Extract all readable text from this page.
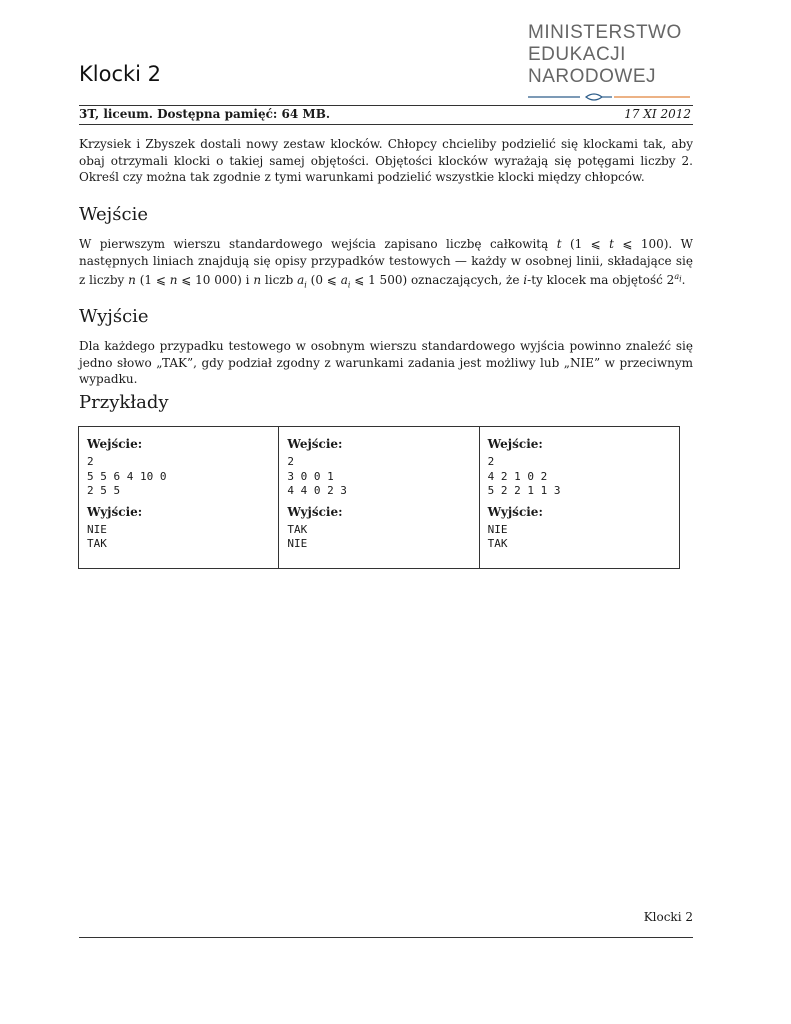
Klocki 2
MINISTERSTWO
EDUKACJI
NARODOWEJ
3T, liceum. Dostępna pamięć: 64 MB.	17 XI 2012

Krzysiek i Zbyszek dostali nowy zestaw klocków. Chłopcy chcieliby podzielić się klockami tak, aby obaj otrzymali klocki o takiej samej objętości. Objętości klocków wyrażają się potęgami liczby 2. Określ czy można tak zgodnie z tymi warunkami podzielić wszystkie klocki między chłopców.

Wejście

W pierwszym wierszu standardowego wejścia zapisano liczbę całkowitą t (1 ⩽ t ⩽ 100). W następnych liniach znajdują się opisy przypadków testowych — każdy w osobnej linii, składające się z liczby n (1 ⩽ n ⩽ 10 000) i n liczb $a_i$ (0 ⩽ $a_i$ ⩽ 1 500) oznaczających, że i-ty klocek ma objętość $2^{a_i}$.

Wyjście

Dla każdego przypadku testowego w osobnym wierszu standardowego wyjścia powinno znaleźć się jedno słowo „TAK”, gdy podział zgodny z warunkami zadania jest możliwy lub „NIE” w przeciwnym wypadku.

Przykłady
Wejście:
2
5 5 6 4 10 0
2 5 5
Wyjście:
NIE
TAK
Wejście:
2
3 0 0 1
4 4 0 2 3
Wyjście:
TAK
NIE
Wejście:
2
4 2 1 0 2
5 2 2 1 1 3
Wyjście:
NIE
TAK
Klocki 2
